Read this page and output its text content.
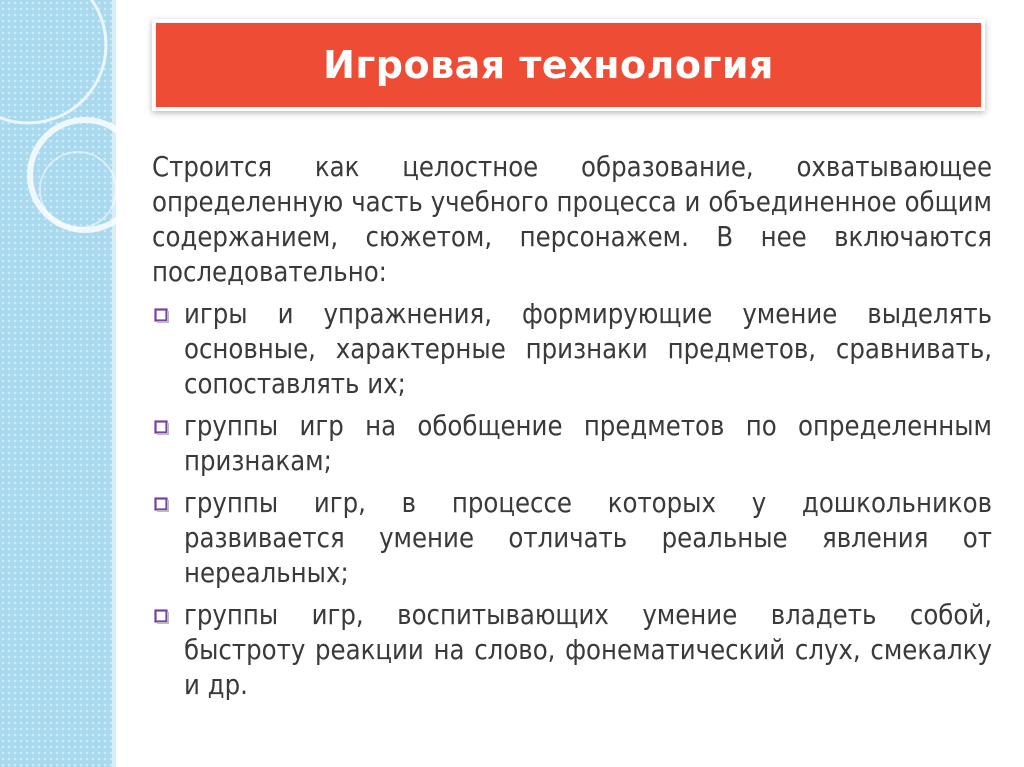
Игровая технология

Строится как целостное образование, охватывающее определенную часть учебного процесса и объединенное общим содержанием, сюжетом, персонажем. В нее включаются последовательно:

игры и упражнения, формирующие умение выделять основные, характерные признаки предметов, сравнивать, сопоставлять их;
группы игр на обобщение предметов по определенным признакам;
группы игр, в процессе которых у дошкольников развивается умение отличать реальные явления от нереальных;
группы игр, воспитывающих умение владеть собой, быстроту реакции на слово, фонематический слух, смекалку и др.
